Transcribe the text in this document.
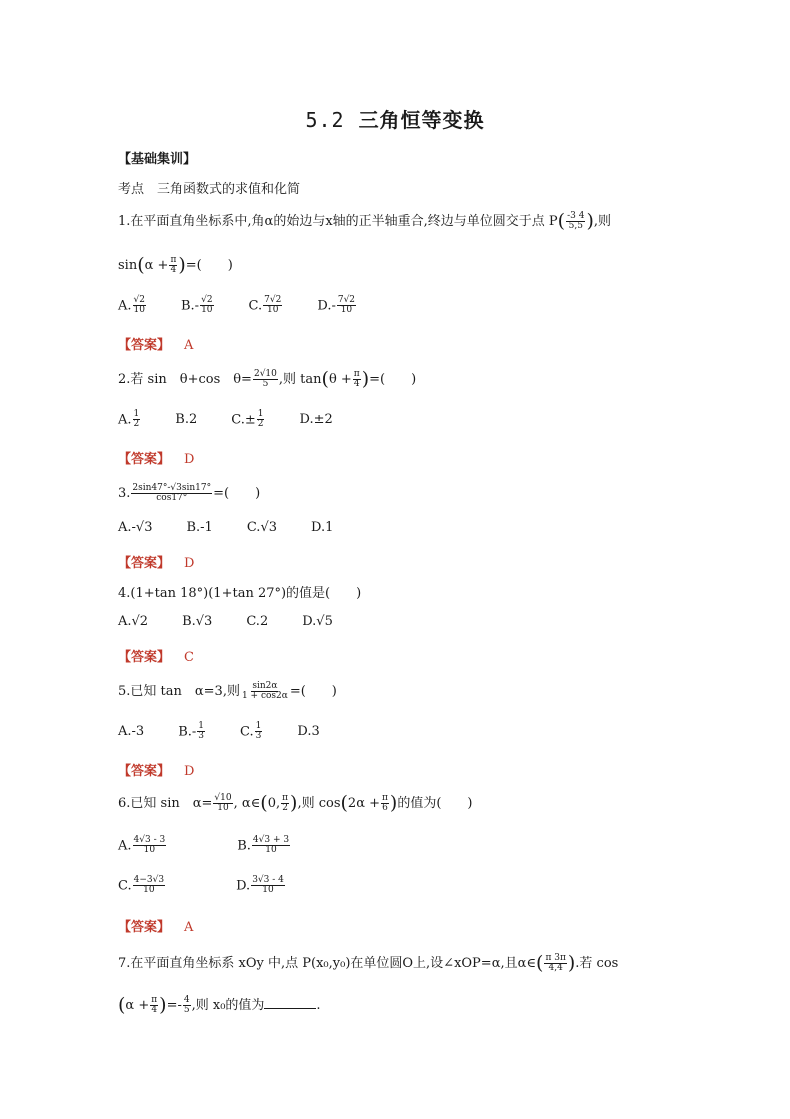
5.2 三角恒等变换
【基础集训】
考点　三角函数式的求值和化简
1.在平面直角坐标系中,角α的始边与x轴的正半轴重合,终边与单位圆交于点 $P( \frac{-3 4}{5,5}$ ),则
$\sin(\alpha + \frac{\pi}{4}$ )=(　　)
A. $\frac{√2}{10}$	$B.- \frac{√2}{10}$	C. $\frac{7√2}{10}$	$D.- \frac{7√2}{10}$
【答案】 A
2.若 sin　θ+cos　$\theta= \frac{2√10}{5}$ ,则 $\tan(\theta + \frac{\pi}{4}$ )=(　　)
A. $\frac{1}{2}$	B.2	$C.\pm \frac{1}{2}$	D.±2
【答案】 D
3. $\frac{2\sin 47^\circ-√3\sin 17^\circ}{\cos 17^\circ}$ =(　　)
A.-√3	B.-1	C.√3	D.1
【答案】 D
4.(1+tan 18°)(1+tan 27°)的值是(　　)
A.√2	B.√3	C.2	D.√5
【答案】 C
5.已知 tan　α=3,则 $\frac{\sin 2\alpha}{1 + \cos 2\alpha}$ =(　　)
A.-3	$B.- \frac{1}{3}$	C. $\frac{1}{3}$	D.3
【答案】 D
6.已知 sin　$\alpha= \frac{√10}{10}$ , α∈(0, $\frac{\pi}{2}$ ),则 $\cos(2\alpha + \frac{\pi}{6}$ )的值为(　　)
A. $\frac{4√3 - 3}{10}$	B. $\frac{4√3 + 3}{10}$
C. $\frac{4-3√3}{10}$	D. $\frac{3√3 - 4}{10}$
【答案】 A
7.在平面直角坐标系 xOy 中,点 P(x₀,y₀)在单位圆O上,设∠xOP=α,且α∈( $\frac{\pi 3\pi}{4,4}$ ).若 cos
($\alpha + \frac{\pi}{4}$ )=- $\frac{4}{5}$ ,则 x₀的值为	.
